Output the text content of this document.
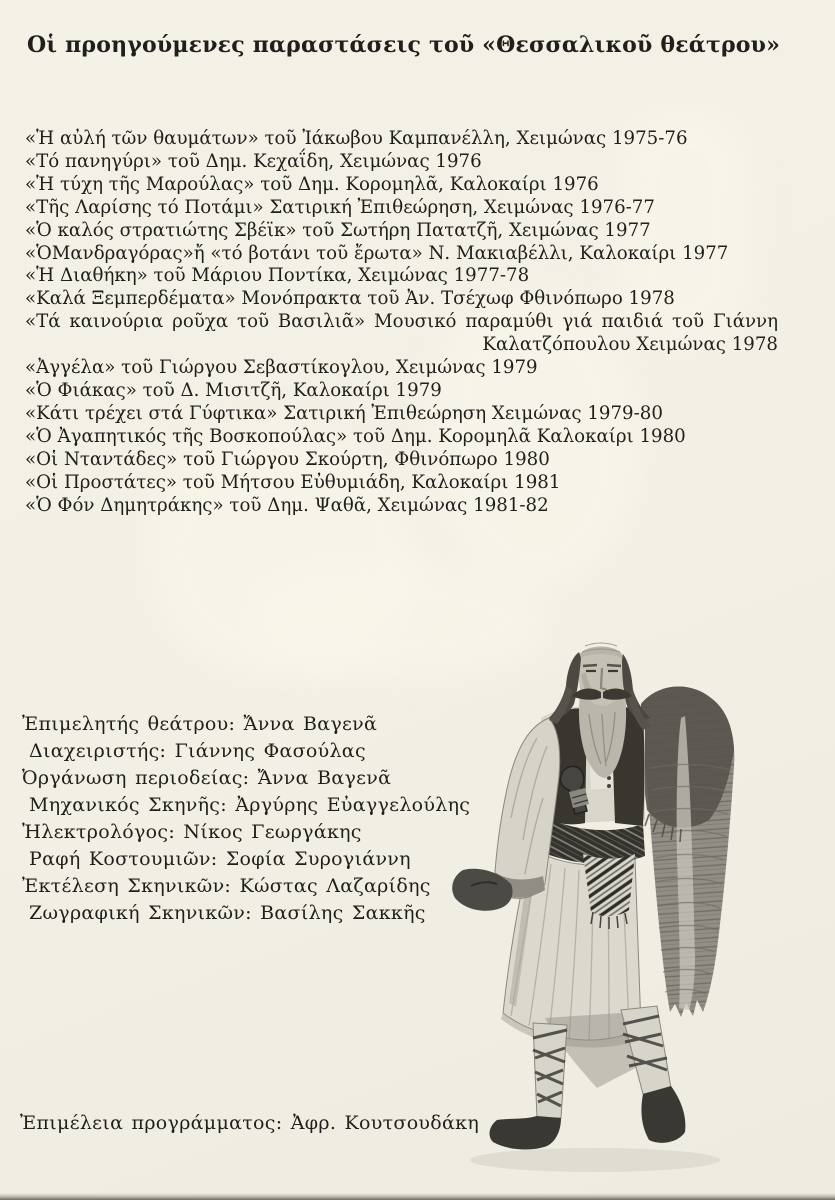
Οἱ προηγούμενες παραστάσεις τοῦ «Θεσσαλικοῦ θεάτρου»
«Ἡ αὐλή τῶν θαυμάτων» τοῦ Ἰάκωβου Καμπανέλλη, Χειμώνας 1975-76
«Τό πανηγύρι» τοῦ Δημ. Κεχαΐδη, Χειμώνας 1976
«Ἡ τύχη τῆς Μαρούλας» τοῦ Δημ. Κορομηλᾶ, Καλοκαίρι 1976
«Τῆς Λαρίσης τό Ποτάμι» Σατιρική Ἐπιθεώρηση, Χειμώνας 1976-77
«Ὁ καλός στρατιώτης Σβέϊκ» τοῦ Σωτήρη Πατατζῆ, Χειμώνας 1977
«ὉΜανδραγόρας»ἤ «τό βοτάνι τοῦ ἔρωτα» Ν. Μακιαβέλλι, Καλοκαίρι 1977
«Ἡ Διαθήκη» τοῦ Μάριου Ποντίκα, Χειμώνας 1977-78
«Καλά Ξεμπερδέματα» Μονόπρακτα τοῦ Ἀν. Τσέχωφ Φθινόπωρο 1978
«Τά καινούρια ροῦχα τοῦ Βασιλιᾶ» Μουσικό παραμύθι γιά παιδιά τοῦ Γιάννη
Καλατζόπουλου Χειμώνας 1978
«Ἀγγέλα» τοῦ Γιώργου Σεβαστίκογλου, Χειμώνας 1979
«Ὁ Φιάκας» τοῦ Δ. Μισιτζῆ, Καλοκαίρι 1979
«Κάτι τρέχει στά Γύφτικα» Σατιρική Ἐπιθεώρηση Χειμώνας 1979-80
«Ὁ Ἀγαπητικός τῆς Βοσκοπούλας» τοῦ Δημ. Κορομηλᾶ Καλοκαίρι 1980
«Οἱ Νταντάδες» τοῦ Γιώργου Σκούρτη, Φθινόπωρο 1980
«Οἱ Προστάτες» τοῦ Μήτσου Εὐθυμιάδη, Καλοκαίρι 1981
«Ὁ Φόν Δημητράκης» τοῦ Δημ. Ψαθᾶ, Χειμώνας 1981-82
Ἐπιμελητής θεάτρου: Ἄννα Βαγενᾶ
Διαχειριστής: Γιάννης Φασούλας
Ὀργάνωση περιοδείας: Ἄννα Βαγενᾶ
Μηχανικός Σκηνῆς: Ἀργύρης Εὐαγγελούλης
Ἠλεκτρολόγος: Νίκος Γεωργάκης
Ραφή Κοστουμιῶν: Σοφία Συρογιάννη
Ἐκτέλεση Σκηνικῶν: Κώστας Λαζαρίδης
Ζωγραφική Σκηνικῶν: Βασίλης Σακκῆς
Ἐπιμέλεια προγράμματος: Ἀφρ. Κουτσουδάκη
